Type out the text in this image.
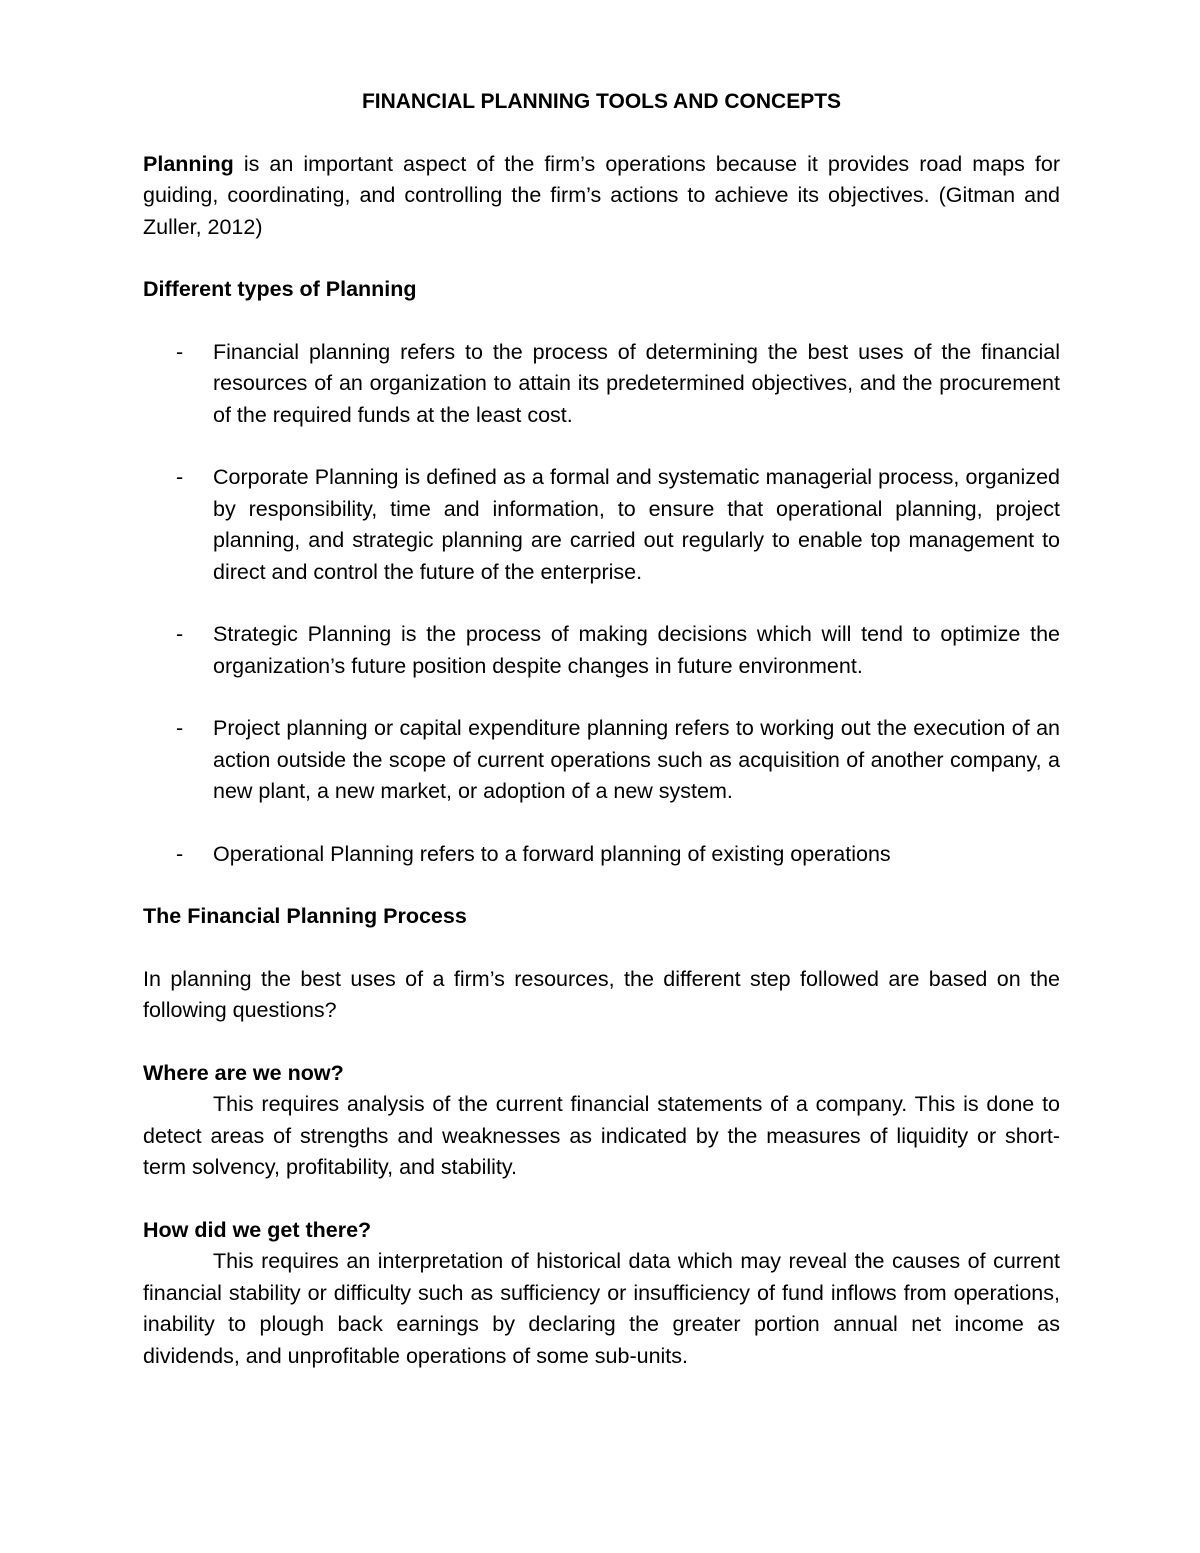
FINANCIAL PLANNING TOOLS AND CONCEPTS

Planning is an important aspect of the firm’s operations because it provides road maps for guiding, coordinating, and controlling the firm’s actions to achieve its objectives. (Gitman and Zuller, 2012)

Different types of Planning
- Financial planning refers to the process of determining the best uses of the financial resources of an organization to attain its predetermined objectives, and the procurement of the required funds at the least cost.
- Corporate Planning is defined as a formal and systematic managerial process, organized by responsibility, time and information, to ensure that operational planning, project planning, and strategic planning are carried out regularly to enable top management to direct and control the future of the enterprise.
- Strategic Planning is the process of making decisions which will tend to optimize the organization’s future position despite changes in future environment.
- Project planning or capital expenditure planning refers to working out the execution of an action outside the scope of current operations such as acquisition of another company, a new plant, a new market, or adoption of a new system.
- Operational Planning refers to a forward planning of existing operations
The Financial Planning Process

In planning the best uses of a firm’s resources, the different step followed are based on the following questions?

Where are we now?

This requires analysis of the current financial statements of a company. This is done to detect areas of strengths and weaknesses as indicated by the measures of liquidity or short-term solvency, profitability, and stability.

How did we get there?

This requires an interpretation of historical data which may reveal the causes of current financial stability or difficulty such as sufficiency or insufficiency of fund inflows from operations, inability to plough back earnings by declaring the greater portion annual net income as dividends, and unprofitable operations of some sub-units.
